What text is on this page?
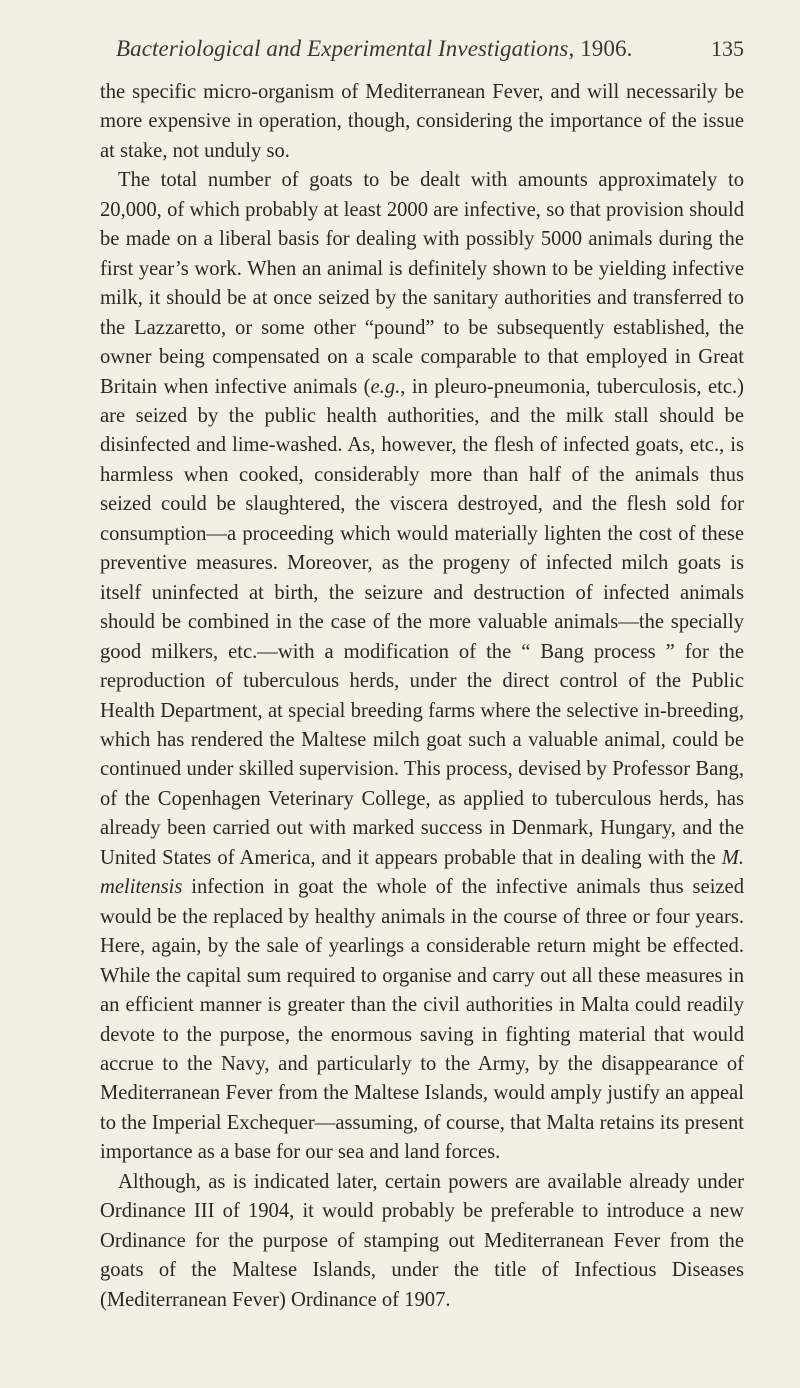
Bacteriological and Experimental Investigations, 1906.	135

the specific micro-organism of Mediterranean Fever, and will necessarily be more expensive in operation, though, considering the importance of the issue at stake, not unduly so.

The total number of goats to be dealt with amounts approximately to 20,000, of which probably at least 2000 are infective, so that provision should be made on a liberal basis for dealing with possibly 5000 animals during the first year’s work. When an animal is definitely shown to be yielding infective milk, it should be at once seized by the sanitary authorities and transferred to the Lazzaretto, or some other “pound” to be subsequently established, the owner being compensated on a scale comparable to that employed in Great Britain when infective animals (e.g., in pleuro-pneumonia, tuberculosis, etc.) are seized by the public health authorities, and the milk stall should be disinfected and lime-washed. As, however, the flesh of infected goats, etc., is harmless when cooked, considerably more than half of the animals thus seized could be slaughtered, the viscera destroyed, and the flesh sold for consumption—a proceeding which would materially lighten the cost of these preventive measures. Moreover, as the progeny of infected milch goats is itself uninfected at birth, the seizure and destruction of infected animals should be combined in the case of the more valuable animals—the specially good milkers, etc.—with a modification of the “ Bang process ” for the reproduction of tuberculous herds, under the direct control of the Public Health Department, at special breeding farms where the selective in-breeding, which has rendered the Maltese milch goat such a valuable animal, could be continued under skilled supervision. This process, devised by Professor Bang, of the Copenhagen Veterinary College, as applied to tuberculous herds, has already been carried out with marked success in Denmark, Hungary, and the United States of America, and it appears probable that in dealing with the M. melitensis infection in goat the whole of the infective animals thus seized would be the replaced by healthy animals in the course of three or four years. Here, again, by the sale of yearlings a considerable return might be effected. While the capital sum required to organise and carry out all these measures in an efficient manner is greater than the civil authorities in Malta could readily devote to the purpose, the enormous saving in fighting material that would accrue to the Navy, and particularly to the Army, by the disappearance of Mediterranean Fever from the Maltese Islands, would amply justify an appeal to the Imperial Exchequer—assuming, of course, that Malta retains its present importance as a base for our sea and land forces.

Although, as is indicated later, certain powers are available already under Ordinance III of 1904, it would probably be preferable to introduce a new Ordinance for the purpose of stamping out Mediterranean Fever from the goats of the Maltese Islands, under the title of Infectious Diseases (Mediterranean Fever) Ordinance of 1907.
